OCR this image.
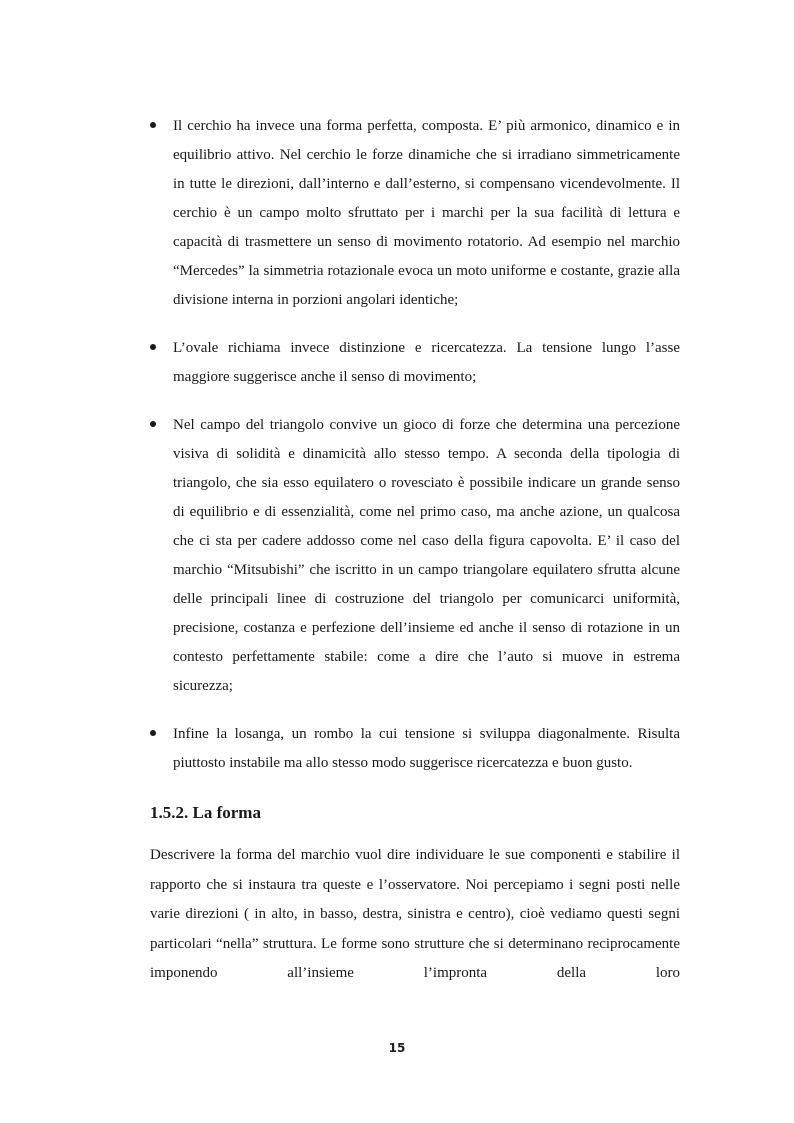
Il cerchio ha invece una forma perfetta, composta. E’ più armonico, dinamico e in equilibrio attivo. Nel cerchio le forze dinamiche che si irradiano simmetricamente in tutte le direzioni, dall’interno e dall’esterno, si compensano vicendevolmente. Il cerchio è un campo molto sfruttato per i marchi per la sua facilità di lettura e capacità di trasmettere un senso di movimento rotatorio. Ad esempio nel marchio “Mercedes” la simmetria rotazionale evoca un moto uniforme e costante, grazie alla divisione interna in porzioni angolari identiche;
L’ovale richiama invece distinzione e ricercatezza. La tensione lungo l’asse maggiore suggerisce anche il senso di movimento;
Nel campo del triangolo convive un gioco di forze che determina una percezione visiva di solidità e dinamicità allo stesso tempo. A seconda della tipologia di triangolo, che sia esso equilatero o rovesciato è possibile indicare un grande senso di equilibrio e di essenzialità, come nel primo caso, ma anche azione, un qualcosa che ci sta per cadere addosso come nel caso della figura capovolta. E’ il caso del marchio “Mitsubishi” che iscritto in un campo triangolare equilatero sfrutta alcune delle principali linee di costruzione del triangolo per comunicarci uniformità, precisione, costanza e perfezione dell’insieme ed anche il senso di rotazione in un contesto perfettamente stabile: come a dire che l’auto si muove in estrema sicurezza;
Infine la losanga, un rombo la cui tensione si sviluppa diagonalmente. Risulta piuttosto instabile ma allo stesso modo suggerisce ricercatezza e buon gusto.
1.5.2. La forma

Descrivere la forma del marchio vuol dire individuare le sue componenti e stabilire il rapporto che si instaura tra queste e l’osservatore. Noi percepiamo i segni posti nelle varie direzioni ( in alto, in basso, destra, sinistra e centro), cioè vediamo questi segni particolari “nella” struttura. Le forme sono strutture che si determinano reciprocamente imponendo all’insieme l’impronta della loro

15
